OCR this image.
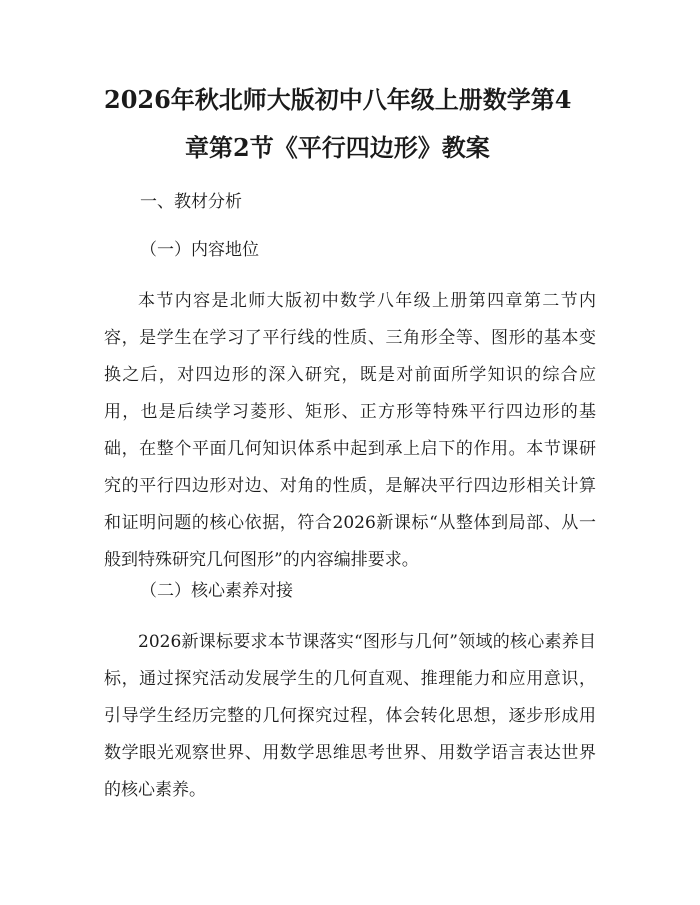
2026年秋北师大版初中八年级上册数学第4
章第2节《平行四边形》教案
一、教材分析
（一）内容地位
本节内容是北师大版初中数学八年级上册第四章第二节内容，是学生在学习了平行线的性质、三角形全等、图形的基本变换之后，对四边形的深入研究，既是对前面所学知识的综合应用，也是后续学习菱形、矩形、正方形等特殊平行四边形的基础，在整个平面几何知识体系中起到承上启下的作用。本节课研究的平行四边形对边、对角的性质，是解决平行四边形相关计算和证明问题的核心依据，符合2026新课标“从整体到局部、从一般到特殊研究几何图形”的内容编排要求。
（二）核心素养对接
2026新课标要求本节课落实“图形与几何”领域的核心素养目标，通过探究活动发展学生的几何直观、推理能力和应用意识，引导学生经历完整的几何探究过程，体会转化思想，逐步形成用数学眼光观察世界、用数学思维思考世界、用数学语言表达世界的核心素养。
